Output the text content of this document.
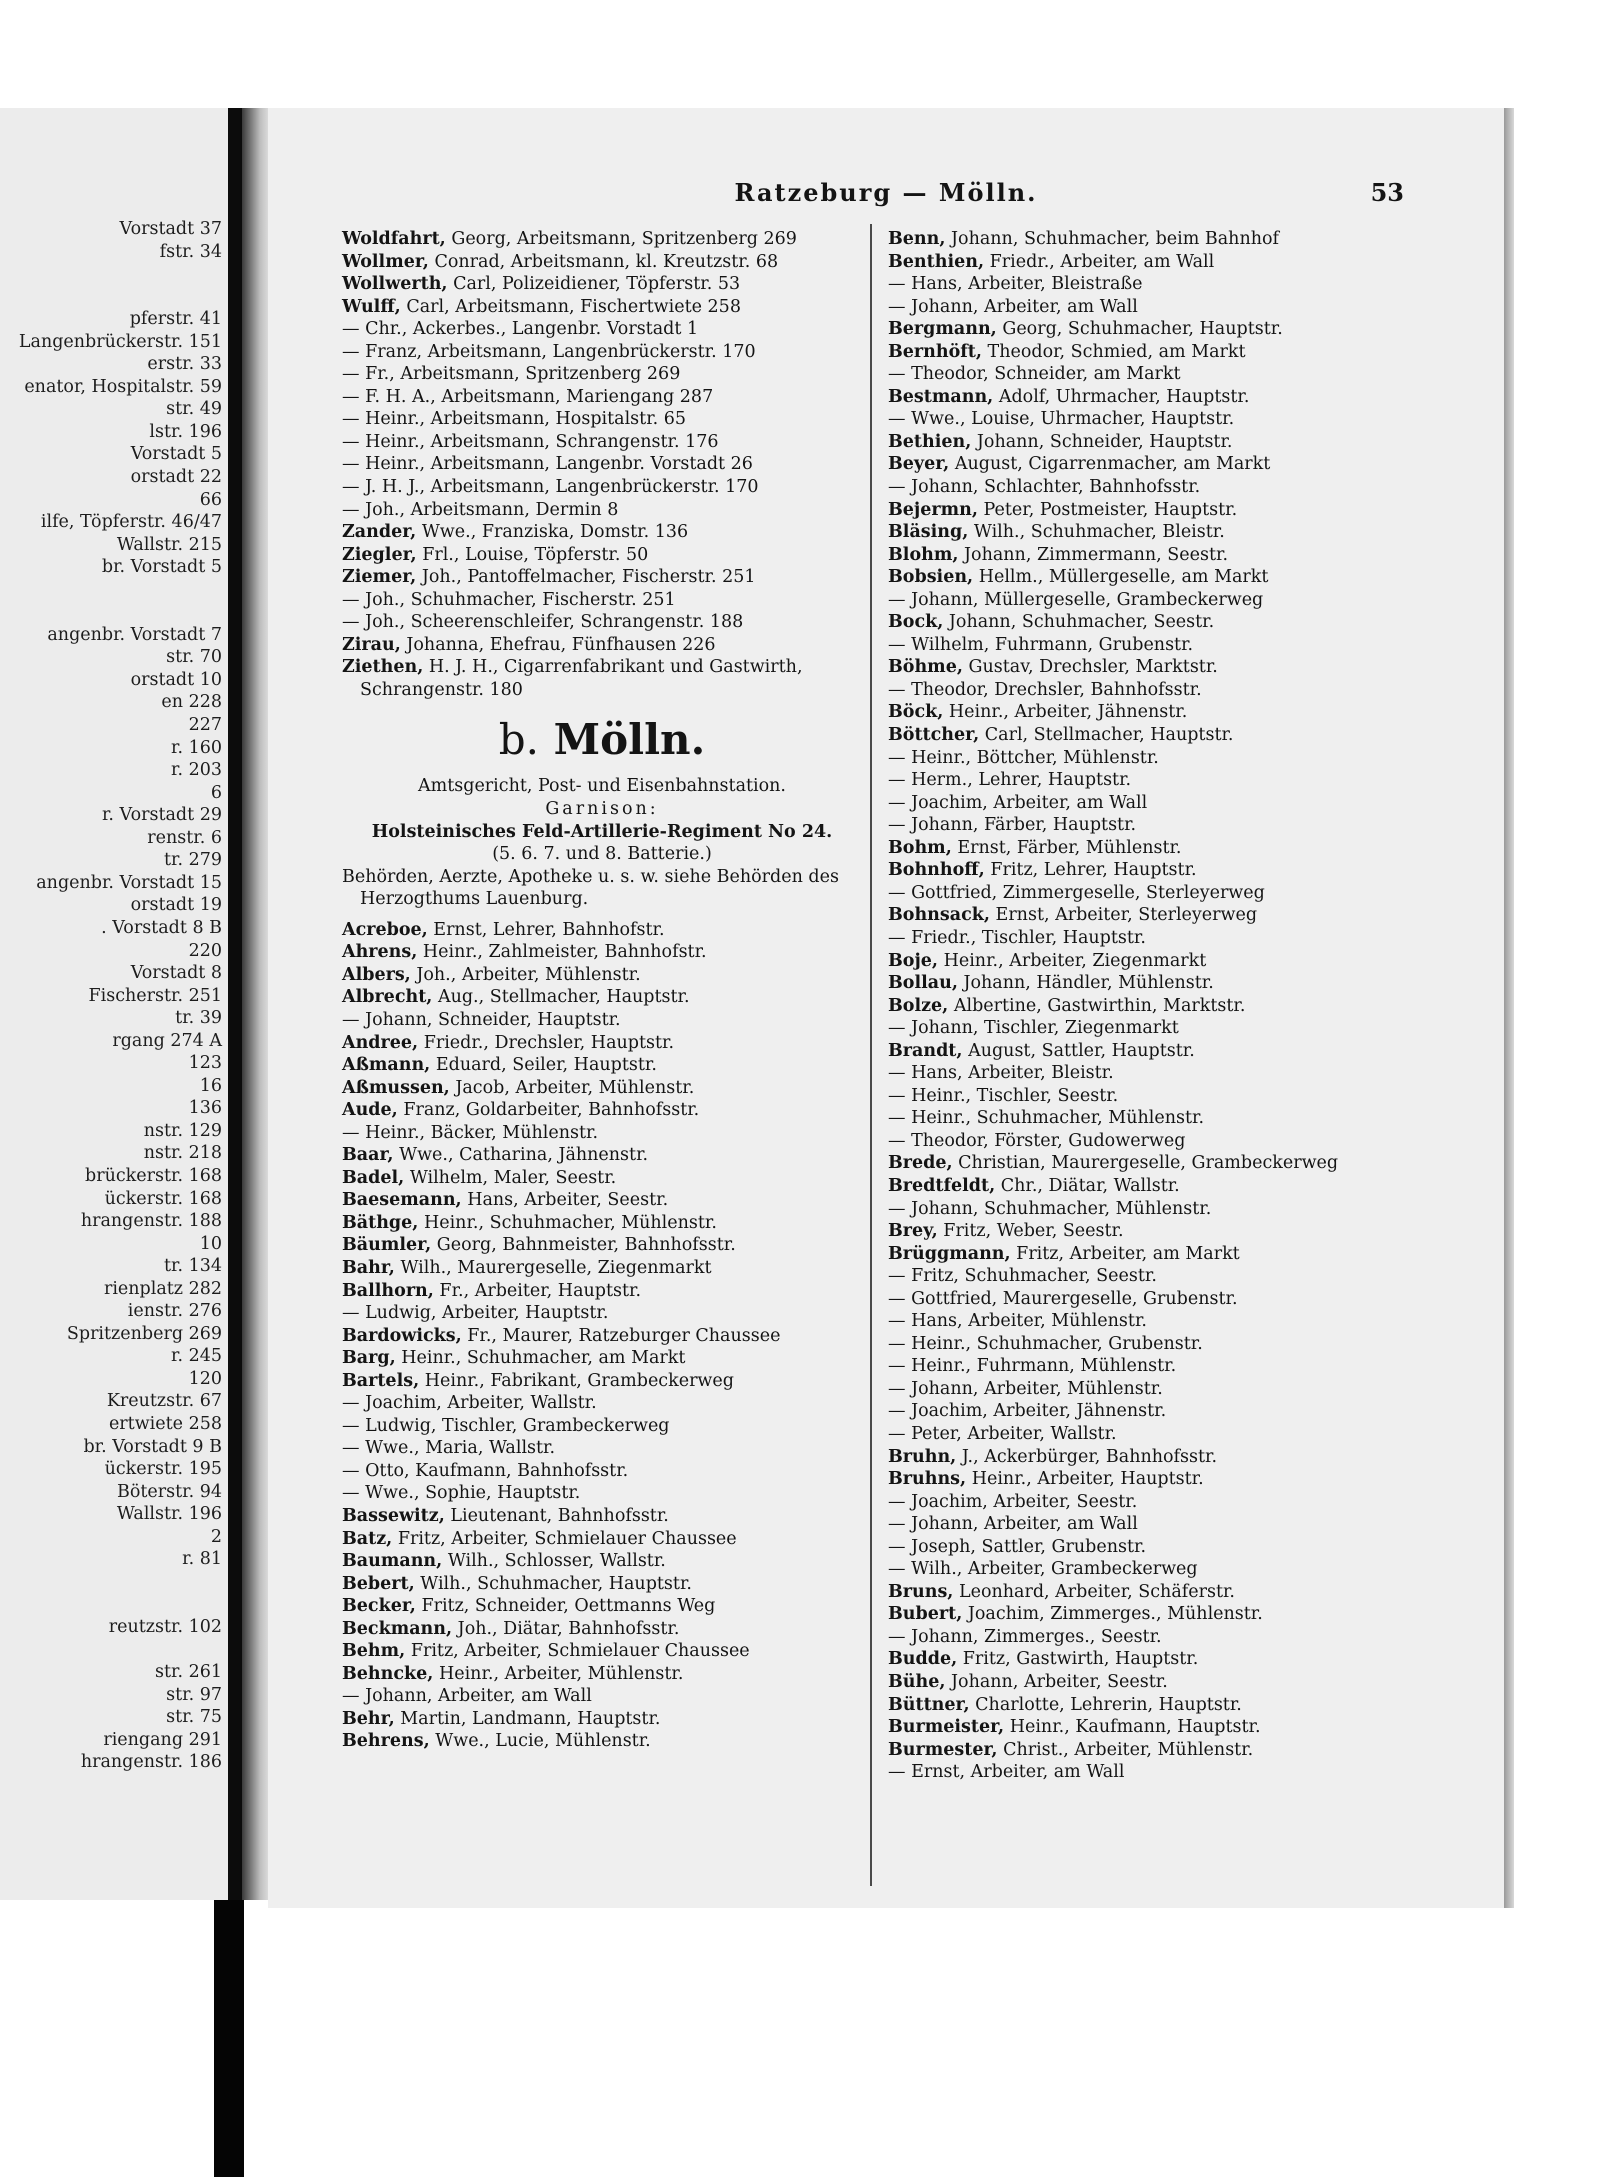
Vorstadt 37
fstr. 34

pferstr. 41
Langenbrückerstr. 151
erstr. 33
enator, Hospitalstr. 59
str. 49
lstr. 196
Vorstadt 5
orstadt 22
66
ilfe, Töpferstr. 46/47
Wallstr. 215
br. Vorstadt 5

angenbr. Vorstadt 7
str. 70
orstadt 10
en 228
227
r. 160
r. 203
6
r. Vorstadt 29
renstr. 6
tr. 279
angenbr. Vorstadt 15
orstadt 19
. Vorstadt 8 B
220
Vorstadt 8
Fischerstr. 251
tr. 39
rgang 274 A
123
16
136
nstr. 129
nstr. 218
brückerstr. 168
ückerstr. 168
hrangenstr. 188
10
tr. 134
rienplatz 282
ienstr. 276
Spritzenberg 269
r. 245
120
Kreutzstr. 67
ertwiete 258
br. Vorstadt 9 B
ückerstr. 195
Böterstr. 94
Wallstr. 196
2
r. 81

reutzstr. 102

str. 261
str. 97
str. 75
riengang 291
hrangenstr. 186
Ratzeburg — Mölln.	53
Woldfahrt, Georg, Arbeitsmann, Spritzenberg 269
Wollmer, Conrad, Arbeitsmann, kl. Kreutzstr. 68
Wollwerth, Carl, Polizeidiener, Töpferstr. 53
Wulff, Carl, Arbeitsmann, Fischertwiete 258
— Chr., Ackerbes., Langenbr. Vorstadt 1
— Franz, Arbeitsmann, Langenbrückerstr. 170
— Fr., Arbeitsmann, Spritzenberg 269
— F. H. A., Arbeitsmann, Mariengang 287
— Heinr., Arbeitsmann, Hospitalstr. 65
— Heinr., Arbeitsmann, Schrangenstr. 176
— Heinr., Arbeitsmann, Langenbr. Vorstadt 26
— J. H. J., Arbeitsmann, Langenbrückerstr. 170
— Joh., Arbeitsmann, Dermin 8
Zander, Wwe., Franziska, Domstr. 136
Ziegler, Frl., Louise, Töpferstr. 50
Ziemer, Joh., Pantoffelmacher, Fischerstr. 251
— Joh., Schuhmacher, Fischerstr. 251
— Joh., Scheerenschleifer, Schrangenstr. 188
Zirau, Johanna, Ehefrau, Fünfhausen 226
Ziethen, H. J. H., Cigarrenfabrikant und Gastwirth, Schrangenstr. 180
b. Mölln.
Amtsgericht, Post- und Eisenbahnstation.
Garnison:
Holsteinisches Feld-Artillerie-Regiment No 24.
(5. 6. 7. und 8. Batterie.)
Behörden, Aerzte, Apotheke u. s. w. siehe Behörden des Herzogthums Lauenburg.
Acreboe, Ernst, Lehrer, Bahnhofstr.
Ahrens, Heinr., Zahlmeister, Bahnhofstr.
Albers, Joh., Arbeiter, Mühlenstr.
Albrecht, Aug., Stellmacher, Hauptstr.
— Johann, Schneider, Hauptstr.
Andree, Friedr., Drechsler, Hauptstr.
Aßmann, Eduard, Seiler, Hauptstr.
Aßmussen, Jacob, Arbeiter, Mühlenstr.
Aude, Franz, Goldarbeiter, Bahnhofsstr.
— Heinr., Bäcker, Mühlenstr.
Baar, Wwe., Catharina, Jähnenstr.
Badel, Wilhelm, Maler, Seestr.
Baesemann, Hans, Arbeiter, Seestr.
Bäthge, Heinr., Schuhmacher, Mühlenstr.
Bäumler, Georg, Bahnmeister, Bahnhofsstr.
Bahr, Wilh., Maurergeselle, Ziegenmarkt
Ballhorn, Fr., Arbeiter, Hauptstr.
— Ludwig, Arbeiter, Hauptstr.
Bardowicks, Fr., Maurer, Ratzeburger Chaussee
Barg, Heinr., Schuhmacher, am Markt
Bartels, Heinr., Fabrikant, Grambeckerweg
— Joachim, Arbeiter, Wallstr.
— Ludwig, Tischler, Grambeckerweg
— Wwe., Maria, Wallstr.
— Otto, Kaufmann, Bahnhofsstr.
— Wwe., Sophie, Hauptstr.
Bassewitz, Lieutenant, Bahnhofsstr.
Batz, Fritz, Arbeiter, Schmielauer Chaussee
Baumann, Wilh., Schlosser, Wallstr.
Bebert, Wilh., Schuhmacher, Hauptstr.
Becker, Fritz, Schneider, Oettmanns Weg
Beckmann, Joh., Diätar, Bahnhofsstr.
Behm, Fritz, Arbeiter, Schmielauer Chaussee
Behncke, Heinr., Arbeiter, Mühlenstr.
— Johann, Arbeiter, am Wall
Behr, Martin, Landmann, Hauptstr.
Behrens, Wwe., Lucie, Mühlenstr.
Benn, Johann, Schuhmacher, beim Bahnhof
Benthien, Friedr., Arbeiter, am Wall
— Hans, Arbeiter, Bleistraße
— Johann, Arbeiter, am Wall
Bergmann, Georg, Schuhmacher, Hauptstr.
Bernhöft, Theodor, Schmied, am Markt
— Theodor, Schneider, am Markt
Bestmann, Adolf, Uhrmacher, Hauptstr.
— Wwe., Louise, Uhrmacher, Hauptstr.
Bethien, Johann, Schneider, Hauptstr.
Beyer, August, Cigarrenmacher, am Markt
— Johann, Schlachter, Bahnhofsstr.
Bejermn, Peter, Postmeister, Hauptstr.
Bläsing, Wilh., Schuhmacher, Bleistr.
Blohm, Johann, Zimmermann, Seestr.
Bobsien, Hellm., Müllergeselle, am Markt
— Johann, Müllergeselle, Grambeckerweg
Bock, Johann, Schuhmacher, Seestr.
— Wilhelm, Fuhrmann, Grubenstr.
Böhme, Gustav, Drechsler, Marktstr.
— Theodor, Drechsler, Bahnhofsstr.
Böck, Heinr., Arbeiter, Jähnenstr.
Böttcher, Carl, Stellmacher, Hauptstr.
— Heinr., Böttcher, Mühlenstr.
— Herm., Lehrer, Hauptstr.
— Joachim, Arbeiter, am Wall
— Johann, Färber, Hauptstr.
Bohm, Ernst, Färber, Mühlenstr.
Bohnhoff, Fritz, Lehrer, Hauptstr.
— Gottfried, Zimmergeselle, Sterleyerweg
Bohnsack, Ernst, Arbeiter, Sterleyerweg
— Friedr., Tischler, Hauptstr.
Boje, Heinr., Arbeiter, Ziegenmarkt
Bollau, Johann, Händler, Mühlenstr.
Bolze, Albertine, Gastwirthin, Marktstr.
— Johann, Tischler, Ziegenmarkt
Brandt, August, Sattler, Hauptstr.
— Hans, Arbeiter, Bleistr.
— Heinr., Tischler, Seestr.
— Heinr., Schuhmacher, Mühlenstr.
— Theodor, Förster, Gudowerweg
Brede, Christian, Maurergeselle, Grambeckerweg
Bredtfeldt, Chr., Diätar, Wallstr.
— Johann, Schuhmacher, Mühlenstr.
Brey, Fritz, Weber, Seestr.
Brüggmann, Fritz, Arbeiter, am Markt
— Fritz, Schuhmacher, Seestr.
— Gottfried, Maurergeselle, Grubenstr.
— Hans, Arbeiter, Mühlenstr.
— Heinr., Schuhmacher, Grubenstr.
— Heinr., Fuhrmann, Mühlenstr.
— Johann, Arbeiter, Mühlenstr.
— Joachim, Arbeiter, Jähnenstr.
— Peter, Arbeiter, Wallstr.
Bruhn, J., Ackerbürger, Bahnhofsstr.
Bruhns, Heinr., Arbeiter, Hauptstr.
— Joachim, Arbeiter, Seestr.
— Johann, Arbeiter, am Wall
— Joseph, Sattler, Grubenstr.
— Wilh., Arbeiter, Grambeckerweg
Bruns, Leonhard, Arbeiter, Schäferstr.
Bubert, Joachim, Zimmerges., Mühlenstr.
— Johann, Zimmerges., Seestr.
Budde, Fritz, Gastwirth, Hauptstr.
Bühe, Johann, Arbeiter, Seestr.
Büttner, Charlotte, Lehrerin, Hauptstr.
Burmeister, Heinr., Kaufmann, Hauptstr.
Burmester, Christ., Arbeiter, Mühlenstr.
— Ernst, Arbeiter, am Wall
